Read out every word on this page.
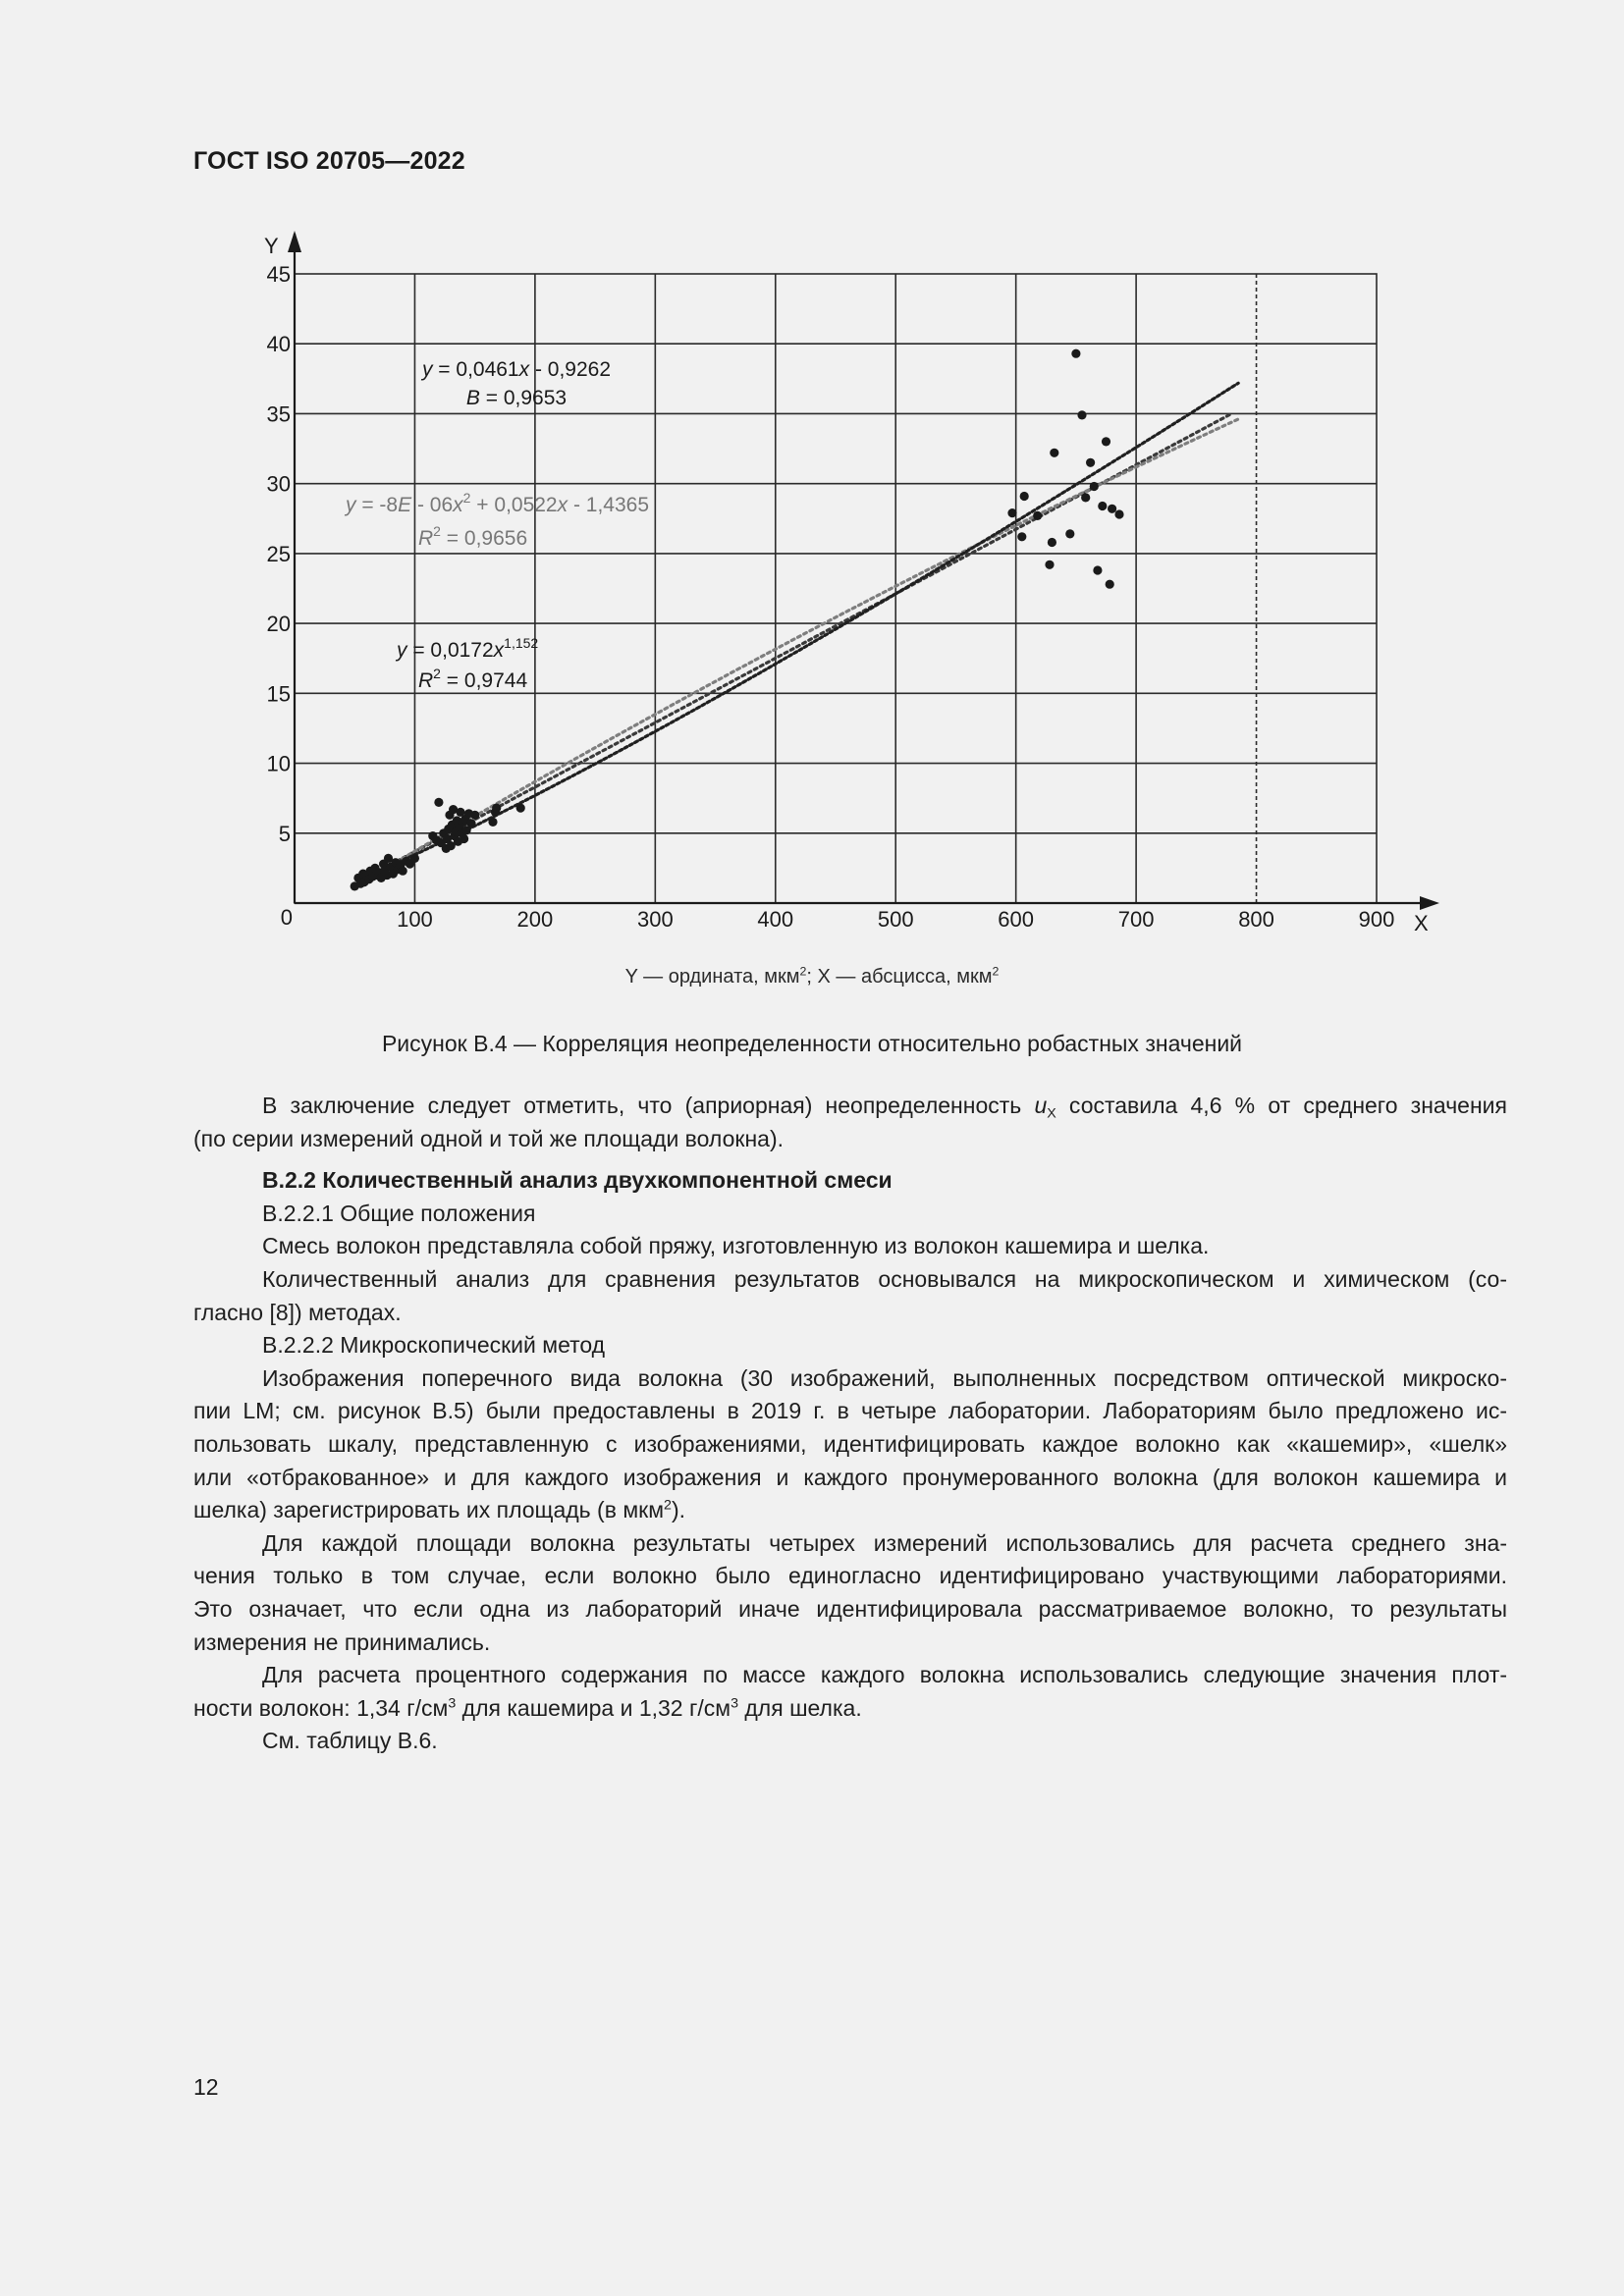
ГОСТ ISO 20705—2022
Y
X
0
5
10
15
20
25
30
35
40
45
100	200	300	400	500	600	700	800	900
y = 0,0461x - 0,9262
B = 0,9653
$y = -8E - 06x^2 + 0,0522x - 1,4365$
$R^2 = 0,9656$
$y = 0,0172x^{1,152}$
$R^2 = 0,9744$
Y — ордината, мкм$^2$; X — абсцисса, мкм$^2$
Рисунок В.4 — Корреляция неопределенности относительно робастных значений

В заключение следует отметить, что (априорная) неопределенность $u_X$ составила 4,6 % от среднего значения

(по серии измерений одной и той же площади волокна).

В.2.2 Количественный анализ двухкомпонентной смеси

В.2.2.1 Общие положения

Смесь волокон представляла собой пряжу, изготовленную из волокон кашемира и шелка.

Количественный анализ для сравнения результатов основывался на микроскопическом и химическом (со-

гласно [8]) методах.

В.2.2.2 Микроскопический метод

Изображения поперечного вида волокна (30 изображений, выполненных посредством оптической микроско-

пии LM; см. рисунок В.5) были предоставлены в 2019 г. в четыре лаборатории. Лабораториям было предложено ис-

пользовать шкалу, представленную с изображениями, идентифицировать каждое волокно как «кашемир», «шелк»

или «отбракованное» и для каждого изображения и каждого пронумерованного волокна (для волокон кашемира и

шелка) зарегистрировать их площадь (в мкм$^2$).

Для каждой площади волокна результаты четырех измерений использовались для расчета среднего зна-

чения только в том случае, если волокно было единогласно идентифицировано участвующими лабораториями.

Это означает, что если одна из лабораторий иначе идентифицировала рассматриваемое волокно, то результаты

измерения не принимались.

Для расчета процентного содержания по массе каждого волокна использовались следующие значения плот-

ности волокон: 1,34 $г/см^3$ для кашемира и 1,32 $г/см^3$ для шелка.

См. таблицу В.6.

12
